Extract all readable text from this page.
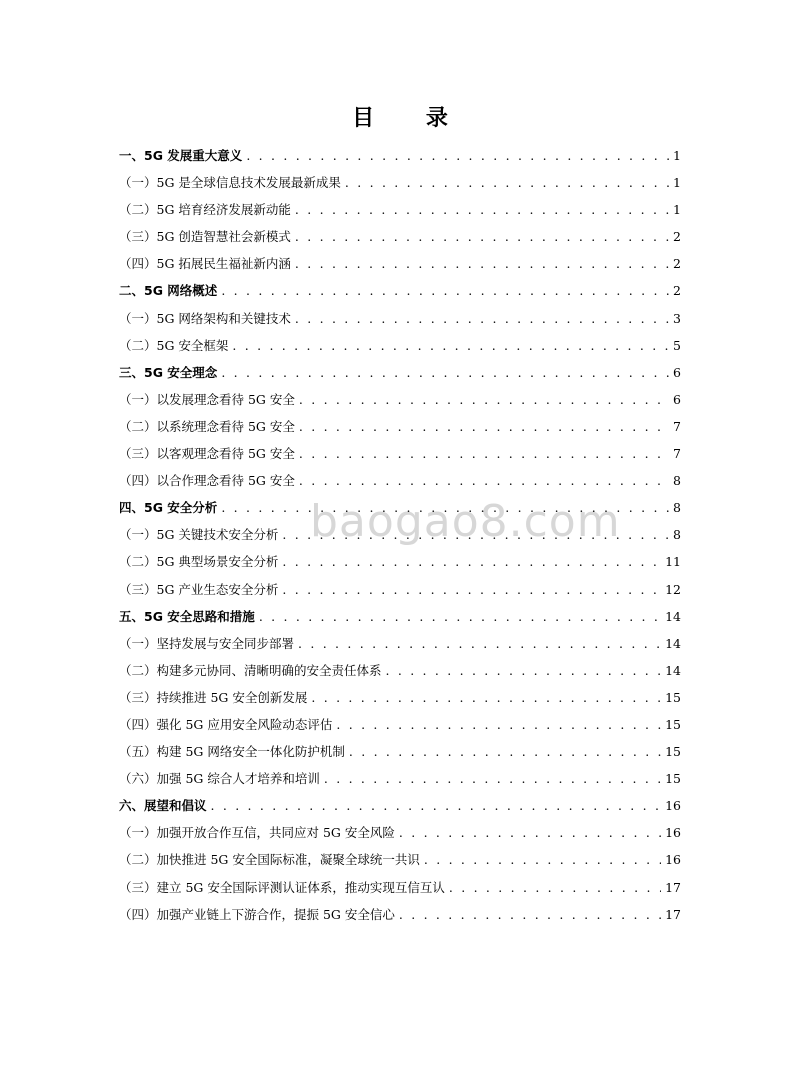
目 录
baogao8.com
一、5G 发展重大意义 . . .	1
（一）5G 是全球信息技术发展最新成果 . . .	1
（二）5G 培育经济发展新动能 . . .	1
（三）5G 创造智慧社会新模式 . . .	2
（四）5G 拓展民生福祉新内涵 . . .	2
二、5G 网络概述 . . .	2
（一）5G 网络架构和关键技术 . . .	3
（二）5G 安全框架 . . .	5
三、5G 安全理念 . . .	6
（一）以发展理念看待 5G 安全 . . .	6
（二）以系统理念看待 5G 安全 . . .	7
（三）以客观理念看待 5G 安全 . . .	7
（四）以合作理念看待 5G 安全 . . .	8
四、5G 安全分析 . . .	8
（一）5G 关键技术安全分析 . . .	8
（二）5G 典型场景安全分析 . . .	11
（三）5G 产业生态安全分析 . . .	12
五、5G 安全思路和措施 . . .	14
（一）坚持发展与安全同步部署 . . .	14
（二）构建多元协同、清晰明确的安全责任体系 . . .	14
（三）持续推进 5G 安全创新发展 . . .	15
（四）强化 5G 应用安全风险动态评估 . . .	15
（五）构建 5G 网络安全一体化防护机制 . . .	15
（六）加强 5G 综合人才培养和培训 . . .	15
六、展望和倡议 . . .	16
（一）加强开放合作互信，共同应对 5G 安全风险 . . .	16
（二）加快推进 5G 安全国际标准，凝聚全球统一共识 . . .	16
（三）建立 5G 安全国际评测认证体系，推动实现互信互认 . . .	17
（四）加强产业链上下游合作，提振 5G 安全信心 . . .	17
